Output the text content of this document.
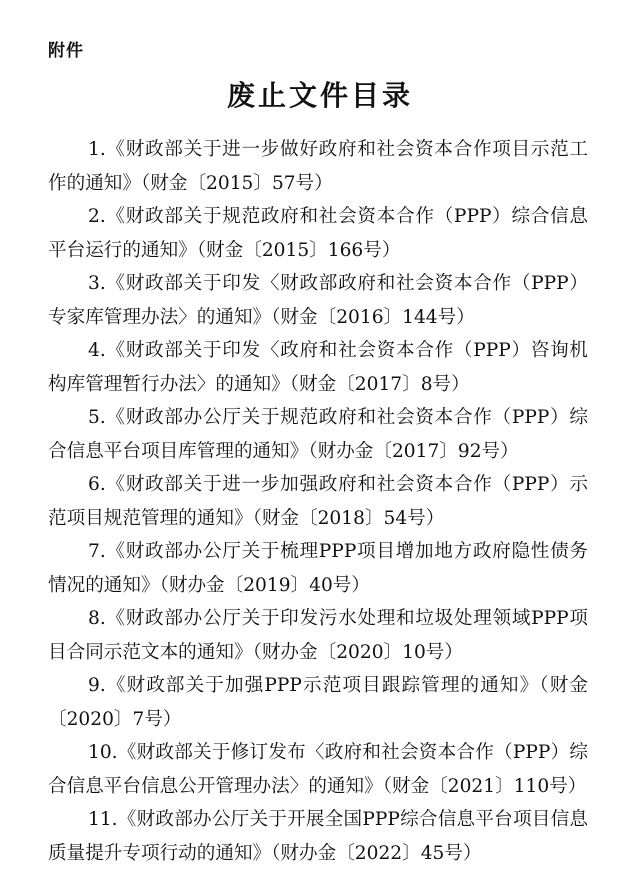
附件
废止文件目录
1.《财政部关于进一步做好政府和社会资本合作项目示范工作的通知》（财金〔2015〕57号）
2.《财政部关于规范政府和社会资本合作（PPP）综合信息平台运行的通知》（财金〔2015〕166号）
3.《财政部关于印发〈财政部政府和社会资本合作（PPP）专家库管理办法〉的通知》（财金〔2016〕144号）
4.《财政部关于印发〈政府和社会资本合作（PPP）咨询机构库管理暂行办法〉的通知》（财金〔2017〕8号）
5.《财政部办公厅关于规范政府和社会资本合作（PPP）综合信息平台项目库管理的通知》（财办金〔2017〕92号）
6.《财政部关于进一步加强政府和社会资本合作（PPP）示范项目规范管理的通知》（财金〔2018〕54号）
7.《财政部办公厅关于梳理PPP项目增加地方政府隐性债务情况的通知》（财办金〔2019〕40号）
8.《财政部办公厅关于印发污水处理和垃圾处理领域PPP项目合同示范文本的通知》（财办金〔2020〕10号）
9.《财政部关于加强PPP示范项目跟踪管理的通知》（财金〔2020〕7号）
10.《财政部关于修订发布〈政府和社会资本合作（PPP）综合信息平台信息公开管理办法〉的通知》（财金〔2021〕110号）
11.《财政部办公厅关于开展全国PPP综合信息平台项目信息质量提升专项行动的通知》（财办金〔2022〕45号）
